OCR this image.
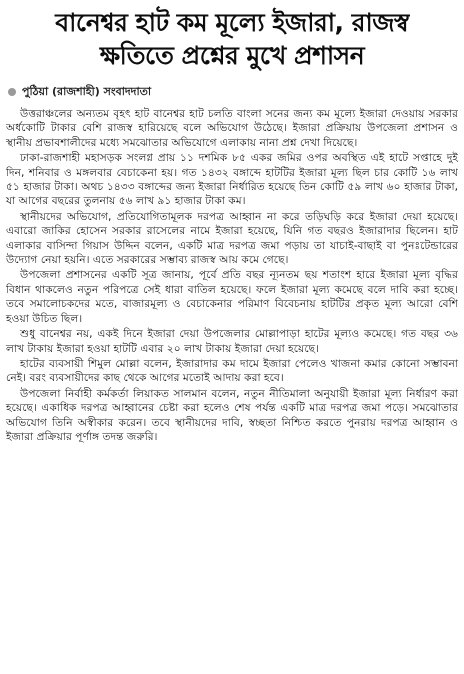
বানেশ্বর হাট কম মূল্যে ইজারা, রাজস্ব
ক্ষতিতে প্রশ্নের মুখে প্রশাসন
পুঠিয়া (রাজশাহী) সংবাদদাতা

উত্তরাঞ্চলের অন্যতম বৃহৎ হাট বানেশ্বর হাট চলতি বাংলা সনের জন্য কম মূল্যে ইজারা দেওয়ায় সরকার অর্ধকোটি টাকার বেশি রাজস্ব হারিয়েছে বলে অভিযোগ উঠেছে। ইজারা প্রক্রিয়ায় উপজেলা প্রশাসন ও স্থানীয় প্রভাবশালীদের মধ্যে সমঝোতার অভিযোগে এলাকায় নানা প্রশ্ন দেখা দিয়েছে।

ঢাকা-রাজশাহী মহাসড়ক সংলগ্ন প্রায় ১১ দশমিক ৮৫ একর জমির ওপর অবস্থিত এই হাটে সপ্তাহে দুই দিন, শনিবার ও মঙ্গলবার বেচাকেনা হয়। গত ১৪৩২ বঙ্গাব্দে হাটটির ইজারা মূল্য ছিল চার কোটি ১৬ লাখ ৫১ হাজার টাকা। অথচ ১৪৩৩ বঙ্গাব্দের জন্য ইজারা নির্ধারিত হয়েছে তিন কোটি ৫৯ লাখ ৬০ হাজার টাকা, যা আগের বছরের তুলনায় ৫৬ লাখ ৯১ হাজার টাকা কম।

স্থানীয়দের অভিযোগ, প্রতিযোগিতামূলক দরপত্র আহ্বান না করে তড়িঘড়ি করে ইজারা দেয়া হয়েছে। এবারো জাকির হোসেন সরকার রাসেলের নামে ইজারা হয়েছে, যিনি গত বছরও ইজারাদার ছিলেন। হাট এলাকার বাসিন্দা গিয়াস উদ্দিন বলেন, একটি মাত্র দরপত্র জমা পড়ায় তা যাচাই-বাছাই বা পুনঃটেন্ডারের উদ্যোগ নেয়া হয়নি। এতে সরকারের সম্ভাব্য রাজস্ব আয় কমে গেছে।

উপজেলা প্রশাসনের একটি সূত্র জানায়, পূর্বে প্রতি বছর ন্যূনতম ছয় শতাংশ হারে ইজারা মূল্য বৃদ্ধির বিধান থাকলেও নতুন পরিপত্রে সেই ধারা বাতিল হয়েছে। ফলে ইজারা মূল্য কমেছে বলে দাবি করা হচ্ছে। তবে সমালোচকদের মতে, বাজারমূল্য ও বেচাকেনার পরিমাণ বিবেচনায় হাটটির প্রকৃত মূল্য আরো বেশি হওয়া উচিত ছিল।

শুধু বানেশ্বর নয়, একই দিনে ইজারা দেয়া উপজেলার মোল্লাপাড়া হাটের মূল্যও কমেছে। গত বছর ৩৬ লাখ টাকায় ইজারা হওয়া হাটটি এবার ২০ লাখ টাকায় ইজারা দেয়া হয়েছে।

হাটের ব্যবসায়ী শিমুল মোল্লা বলেন, ইজারাদার কম দামে ইজারা পেলেও খাজনা কমার কোনো সম্ভাবনা নেই। বরং ব্যবসায়ীদের কাছ থেকে আগের মতোই আদায় করা হবে।

উপজেলা নির্বাহী কর্মকর্তা লিয়াকত সালমান বলেন, নতুন নীতিমালা অনুযায়ী ইজারা মূল্য নির্ধারণ করা হয়েছে। একাধিক দরপত্র আহ্বানের চেষ্টা করা হলেও শেষ পর্যন্ত একটি মাত্র দরপত্র জমা পড়ে। সমঝোতার অভিযোগ তিনি অস্বীকার করেন। তবে স্থানীয়দের দাবি, স্বচ্ছতা নিশ্চিত করতে পুনরায় দরপত্র আহ্বান ও ইজারা প্রক্রিয়ার পূর্ণাঙ্গ তদন্ত জরুরি।
